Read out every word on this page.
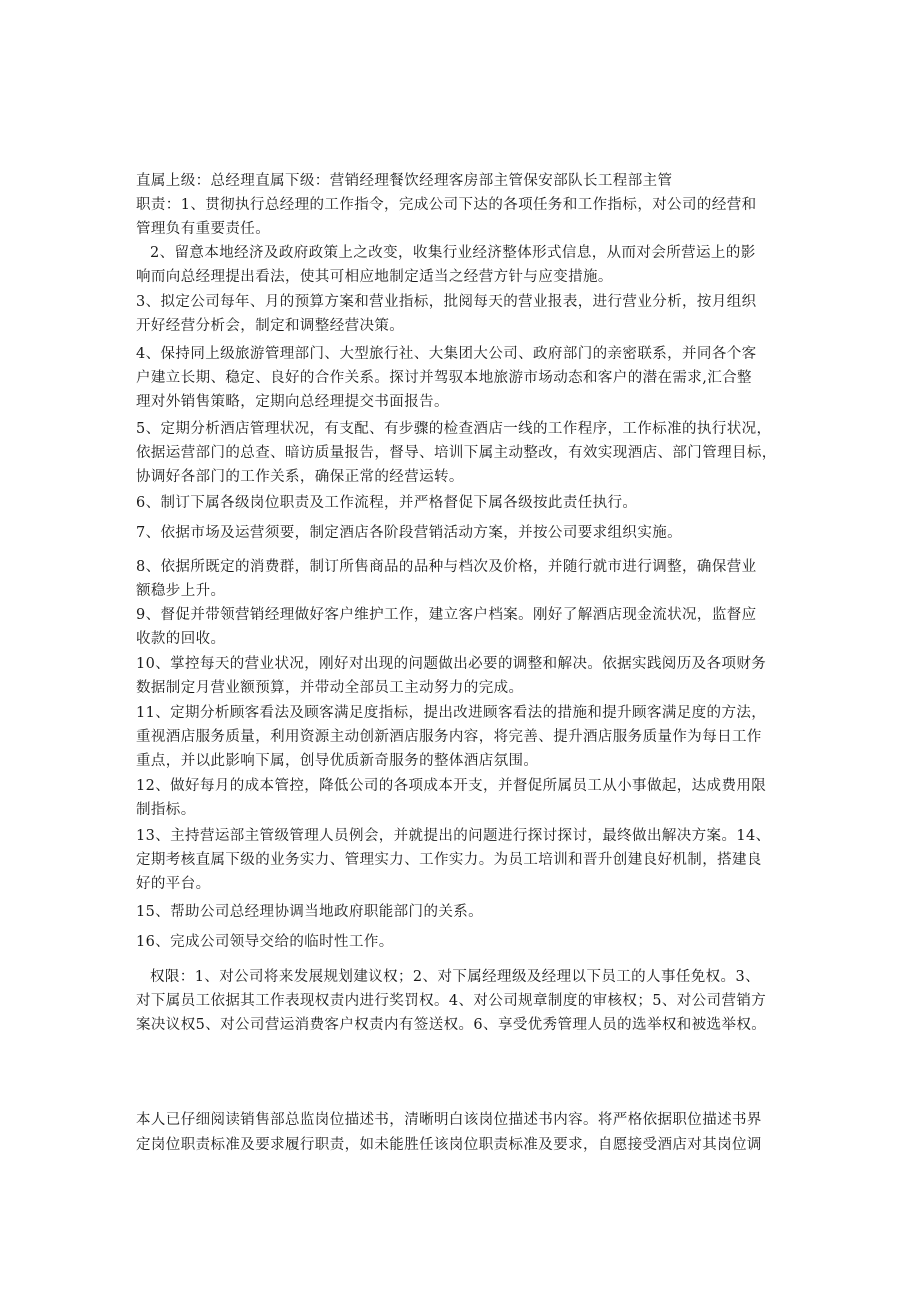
直属上级：总经理直属下级：营销经理餐饮经理客房部主管保安部队长工程部主管
职责：1、贯彻执行总经理的工作指令，完成公司下达的各项任务和工作指标，对公司的经营和
管理负有重要责任。
2、留意本地经济及政府政策上之改变，收集行业经济整体形式信息，从而对会所营运上的影
响而向总经理提出看法，使其可相应地制定适当之经营方针与应变措施。
3、拟定公司每年、月的预算方案和营业指标，批阅每天的营业报表，进行营业分析，按月组织
开好经营分析会，制定和调整经营决策。
4、保持同上级旅游管理部门、大型旅行社、大集团大公司、政府部门的亲密联系，并同各个客
户建立长期、稳定、良好的合作关系。探讨并驾驭本地旅游市场动态和客户的潜在需求,汇合整
理对外销售策略，定期向总经理提交书面报告。
5、定期分析酒店管理状况，有支配、有步骤的检查酒店一线的工作程序，工作标准的执行状况，
依据运营部门的总查、暗访质量报告，督导、培训下属主动整改，有效实现酒店、部门管理目标，
协调好各部门的工作关系，确保正常的经营运转。
6、制订下属各级岗位职责及工作流程，并严格督促下属各级按此责任执行。
7、依据市场及运营须要，制定酒店各阶段营销活动方案，并按公司要求组织实施。
8、依据所既定的消费群，制订所售商品的品种与档次及价格，并随行就市进行调整，确保营业
额稳步上升。
9、督促并带领营销经理做好客户维护工作，建立客户档案。刚好了解酒店现金流状况，监督应
收款的回收。
10、掌控每天的营业状况，刚好对出现的问题做出必要的调整和解决。依据实践阅历及各项财务
数据制定月营业额预算，并带动全部员工主动努力的完成。
11、定期分析顾客看法及顾客满足度指标，提出改进顾客看法的措施和提升顾客满足度的方法，
重视酒店服务质量，利用资源主动创新酒店服务内容，将完善、提升酒店服务质量作为每日工作
重点，并以此影响下属，创导优质新奇服务的整体酒店氛围。
12、做好每月的成本管控，降低公司的各项成本开支，并督促所属员工从小事做起，达成费用限
制指标。
13、主持营运部主管级管理人员例会，并就提出的问题进行探讨探讨，最终做出解决方案。14、
定期考核直属下级的业务实力、管理实力、工作实力。为员工培训和晋升创建良好机制，搭建良
好的平台。
15、帮助公司总经理协调当地政府职能部门的关系。
16、完成公司领导交给的临时性工作。
权限：1、对公司将来发展规划建议权；2、对下属经理级及经理以下员工的人事任免权。3、
对下属员工依据其工作表现权责内进行奖罚权。4、对公司规章制度的审核权；5、对公司营销方
案决议权5、对公司营运消费客户权责内有签送权。6、享受优秀管理人员的选举权和被选举权。
本人已仔细阅读销售部总监岗位描述书，清晰明白该岗位描述书内容。将严格依据职位描述书界
定岗位职责标准及要求履行职责，如未能胜任该岗位职责标准及要求，自愿接受酒店对其岗位调
